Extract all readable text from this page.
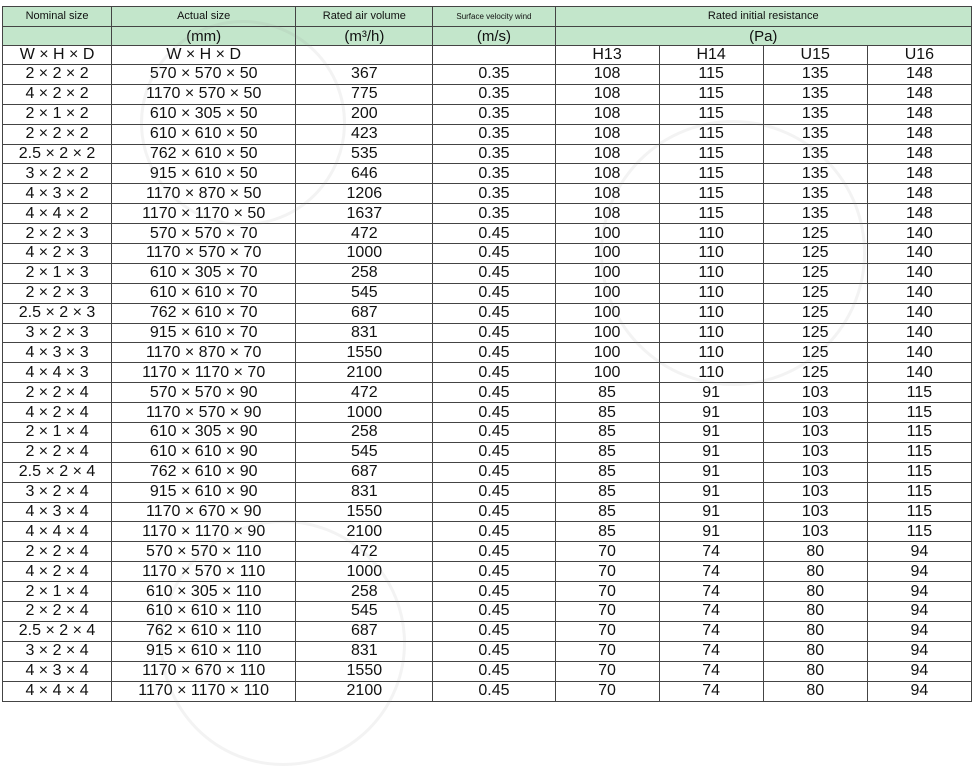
Nominal size	Actual size	Rated air volume	Surface velocity wind	Rated initial resistance			
	(mm)	(m³/h)	(m/s)	(Pa)			
W × H × D	W × H × D			H13	H14	U15	U16
2 × 2 × 2	570 × 570 × 50	367	0.35	108	115	135	148
4 × 2 × 2	1170 × 570 × 50	775	0.35	108	115	135	148
2 × 1 × 2	610 × 305 × 50	200	0.35	108	115	135	148
2 × 2 × 2	610 × 610 × 50	423	0.35	108	115	135	148
2.5 × 2 × 2	762 × 610 × 50	535	0.35	108	115	135	148
3 × 2 × 2	915 × 610 × 50	646	0.35	108	115	135	148
4 × 3 × 2	1170 × 870 × 50	1206	0.35	108	115	135	148
4 × 4 × 2	1170 × 1170 × 50	1637	0.35	108	115	135	148
2 × 2 × 3	570 × 570 × 70	472	0.45	100	110	125	140
4 × 2 × 3	1170 × 570 × 70	1000	0.45	100	110	125	140
2 × 1 × 3	610 × 305 × 70	258	0.45	100	110	125	140
2 × 2 × 3	610 × 610 × 70	545	0.45	100	110	125	140
2.5 × 2 × 3	762 × 610 × 70	687	0.45	100	110	125	140
3 × 2 × 3	915 × 610 × 70	831	0.45	100	110	125	140
4 × 3 × 3	1170 × 870 × 70	1550	0.45	100	110	125	140
4 × 4 × 3	1170 × 1170 × 70	2100	0.45	100	110	125	140
2 × 2 × 4	570 × 570 × 90	472	0.45	85	91	103	115
4 × 2 × 4	1170 × 570 × 90	1000	0.45	85	91	103	115
2 × 1 × 4	610 × 305 × 90	258	0.45	85	91	103	115
2 × 2 × 4	610 × 610 × 90	545	0.45	85	91	103	115
2.5 × 2 × 4	762 × 610 × 90	687	0.45	85	91	103	115
3 × 2 × 4	915 × 610 × 90	831	0.45	85	91	103	115
4 × 3 × 4	1170 × 670 × 90	1550	0.45	85	91	103	115
4 × 4 × 4	1170 × 1170 × 90	2100	0.45	85	91	103	115
2 × 2 × 4	570 × 570 × 110	472	0.45	70	74	80	94
4 × 2 × 4	1170 × 570 × 110	1000	0.45	70	74	80	94
2 × 1 × 4	610 × 305 × 110	258	0.45	70	74	80	94
2 × 2 × 4	610 × 610 × 110	545	0.45	70	74	80	94
2.5 × 2 × 4	762 × 610 × 110	687	0.45	70	74	80	94
3 × 2 × 4	915 × 610 × 110	831	0.45	70	74	80	94
4 × 3 × 4	1170 × 670 × 110	1550	0.45	70	74	80	94
4 × 4 × 4	1170 × 1170 × 110	2100	0.45	70	74	80	94
